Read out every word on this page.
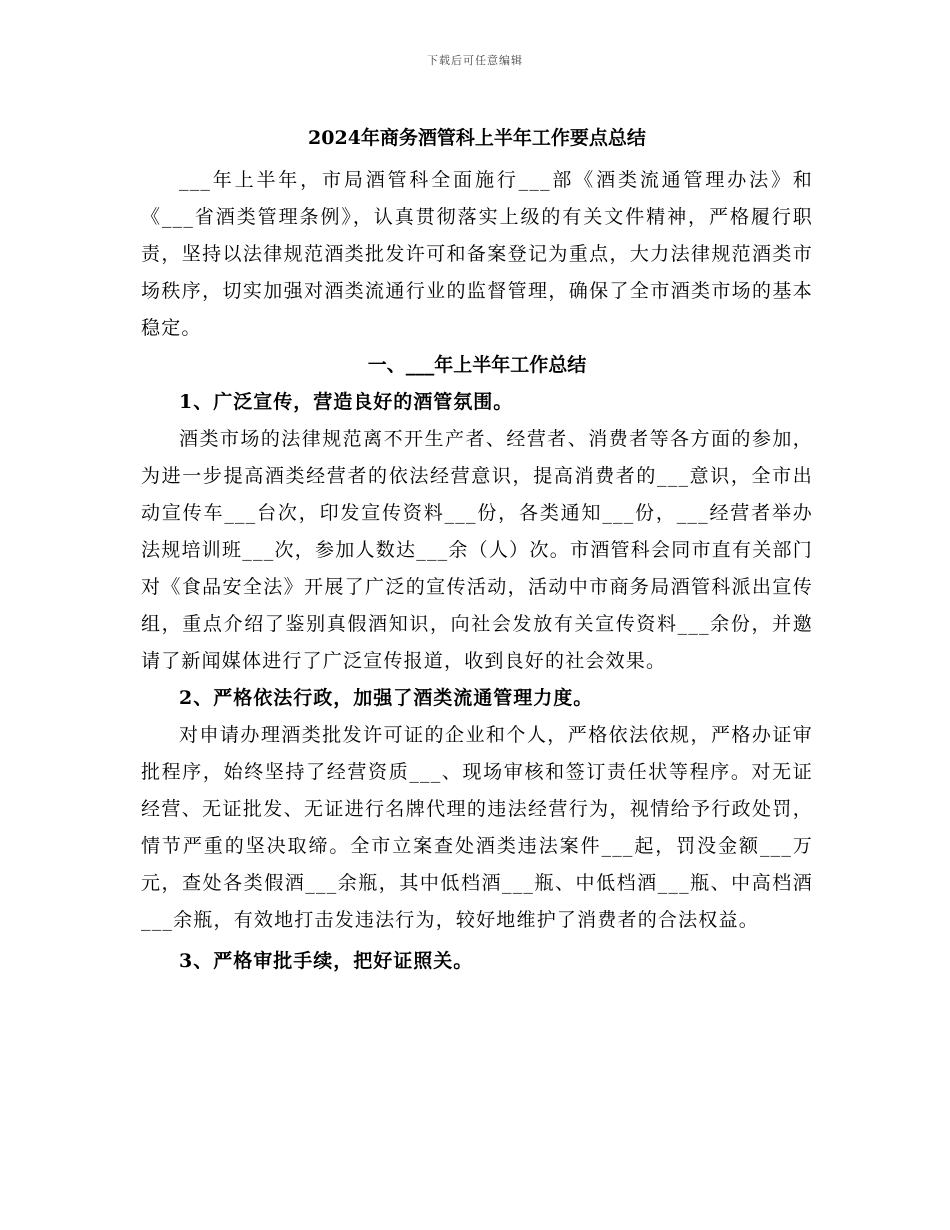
下载后可任意编辑
2024年商务酒管科上半年工作要点总结

___年上半年，市局酒管科全面施行___部《酒类流通管理办法》和《___省酒类管理条例》，认真贯彻落实上级的有关文件精神，严格履行职责，坚持以法律规范酒类批发许可和备案登记为重点，大力法律规范酒类市场秩序，切实加强对酒类流通行业的监督管理，确保了全市酒类市场的基本稳定。

一、___年上半年工作总结
1、广泛宣传，营造良好的酒管氛围。

酒类市场的法律规范离不开生产者、经营者、消费者等各方面的参加，为进一步提高酒类经营者的依法经营意识，提高消费者的___意识，全市出动宣传车___台次，印发宣传资料___份，各类通知___份，___经营者举办法规培训班___次，参加人数达___余（人）次。市酒管科会同市直有关部门对《食品安全法》开展了广泛的宣传活动，活动中市商务局酒管科派出宣传组，重点介绍了鉴别真假酒知识，向社会发放有关宣传资料___余份，并邀请了新闻媒体进行了广泛宣传报道，收到良好的社会效果。

2、严格依法行政，加强了酒类流通管理力度。

对申请办理酒类批发许可证的企业和个人，严格依法依规，严格办证审批程序，始终坚持了经营资质___、现场审核和签订责任状等程序。对无证经营、无证批发、无证进行名牌代理的违法经营行为，视情给予行政处罚，情节严重的坚决取缔。全市立案查处酒类违法案件___起，罚没金额___万元，查处各类假酒___余瓶，其中低档酒___瓶、中低档酒___瓶、中高档酒___余瓶，有效地打击发违法行为，较好地维护了消费者的合法权益。

3、严格审批手续，把好证照关。
